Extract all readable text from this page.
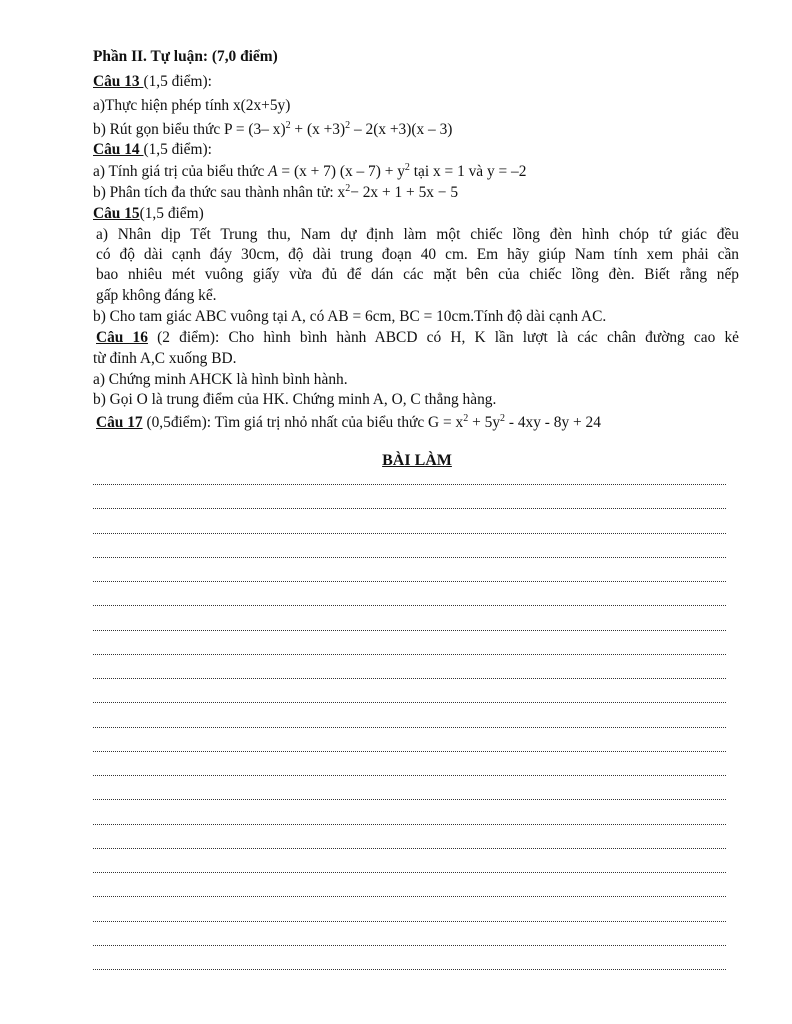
Phần II. Tự luận: (7,0 điểm)
Câu 13 (1,5 điểm):
a)Thực hiện phép tính x(2x+5y)
b) Rút gọn biểu thức P = (3– $x)^2 + (x +3)^2 - 2(x +3)(x - 3)$
Câu 14 (1,5 điểm):
a) Tính giá trị của biểu thức A = (x + 7) $(x - 7) + y^2$ tại x = 1 và y = –2
b) Phân tích đa thức sau thành nhân tử: $x^2- 2x + 1 + 5x - 5$
Câu 15(1,5 điểm)
a) Nhân dịp Tết Trung thu, Nam dự định làm một chiếc lồng đèn hình chóp tứ giác đều
có độ dài cạnh đáy 30cm, độ dài trung đoạn 40 cm. Em hãy giúp Nam tính xem phải cần
bao nhiêu mét vuông giấy vừa đủ để dán các mặt bên của chiếc lồng đèn. Biết rằng nếp
gấp không đáng kể.
b) Cho tam giác ABC vuông tại A, có AB = 6cm, BC = 10cm.Tính độ dài cạnh AC.
Câu 16 (2 điểm): Cho hình bình hành ABCD có H, K lần lượt là các chân đường cao kẻ
từ đỉnh A,C xuống BD.
a) Chứng minh AHCK là hình bình hành.
b) Gọi O là trung điểm của HK. Chứng minh A, O, C thẳng hàng.
Câu 17 (0,5điểm): Tìm giá trị nhỏ nhất của biểu thức $G = x^2 + 5y^2 - 4xy - 8y + 24$
BÀI LÀM
